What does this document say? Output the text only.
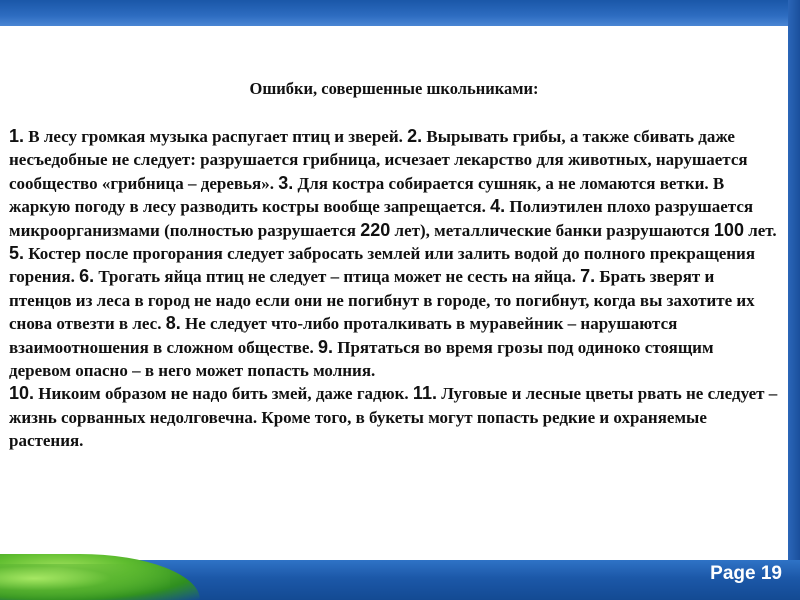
Ошибки, совершенные школьниками:

1. В лесу громкая музыка распугает птиц и зверей. 2. Вырывать грибы, а также сбивать даже несъедобные не следует: разрушается грибница, исчезает лекарство для животных, нарушается сообщество «грибница – деревья». 3. Для костра собирается сушняк, а не ломаются ветки. В жаркую погоду в лесу разводить костры вообще запрещается. 4. Полиэтилен плохо разрушается микроорганизмами (полностью разрушается 220 лет), металлические банки разрушаются 100 лет. 5. Костер после прогорания следует забросать землей или залить водой до полного прекращения горения. 6. Трогать яйца птиц не следует – птица может не сесть на яйца. 7. Брать зверят и птенцов из леса в город не надо если они не погибнут в городе, то погибнут, когда вы захотите их снова отвезти в лес. 8. Не следует что-либо проталкивать в муравейник – нарушаются взаимоотношения в сложном обществе. 9. Прятаться во время грозы под одиноко стоящим деревом опасно – в него может попасть молния.

10. Никоим образом не надо бить змей, даже гадюк. 11. Луговые и лесные цветы рвать не следует – жизнь сорванных недолговечна. Кроме того, в букеты могут попасть редкие и охраняемые растения.

Page 19
